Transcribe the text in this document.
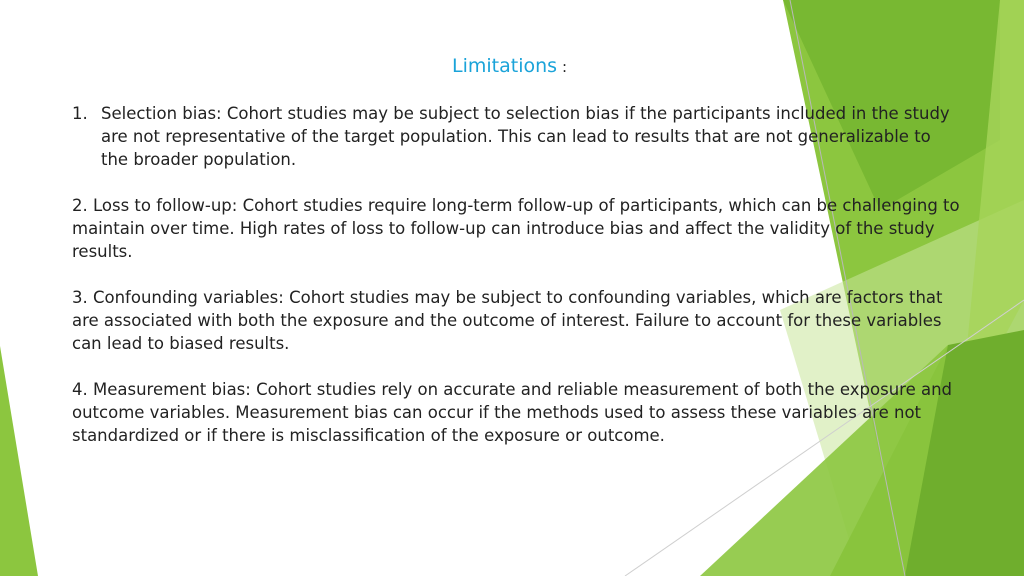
Limitations :

1. Selection bias: Cohort studies may be subject to selection bias if the participants included in the study are not representative of the target population. This can lead to results that are not generalizable to the broader population.

2. Loss to follow-up: Cohort studies require long-term follow-up of participants, which can be challenging to maintain over time. High rates of loss to follow-up can introduce bias and affect the validity of the study results.

3. Confounding variables: Cohort studies may be subject to confounding variables, which are factors that are associated with both the exposure and the outcome of interest. Failure to account for these variables can lead to biased results.

4. Measurement bias: Cohort studies rely on accurate and reliable measurement of both the exposure and outcome variables. Measurement bias can occur if the methods used to assess these variables are not standardized or if there is misclassification of the exposure or outcome.
